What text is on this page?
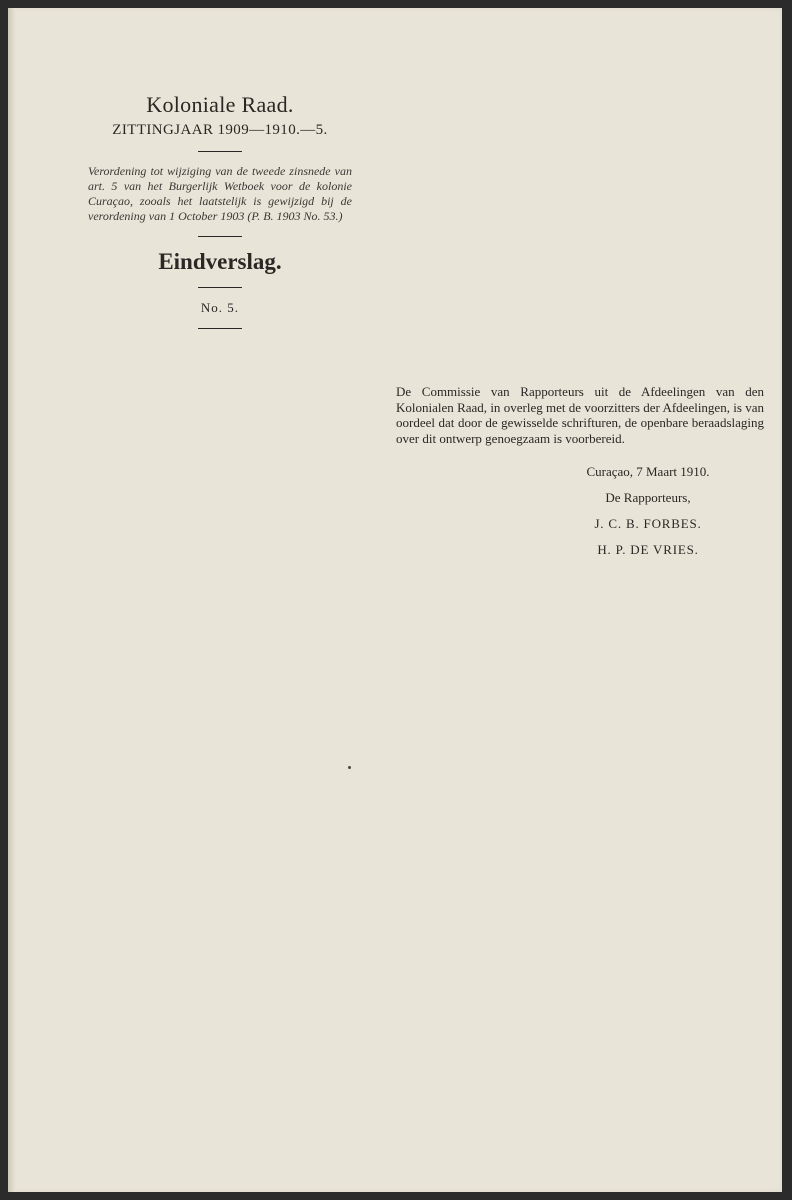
Koloniale Raad.

ZITTINGJAAR 1909—1910.—5.

Verordening tot wijziging van de tweede zinsnede van art. 5 van het Burgerlijk Wetboek voor de kolonie Curaçao, zooals het laatstelijk is gewijzigd bij de verordening van 1 October 1903 (P. B. 1903 No. 53.)

Eindverslag.

No. 5.

De Commissie van Rapporteurs uit de Afdeelingen van den Kolonialen Raad, in overleg met de voorzitters der Afdeelingen, is van oordeel dat door de gewisselde schrifturen, de openbare beraadslaging over dit ontwerp genoegzaam is voorbereid.

Curaçao, 7 Maart 1910.

De Rapporteurs,

J. C. B. FORBES.

H. P. DE VRIES.
